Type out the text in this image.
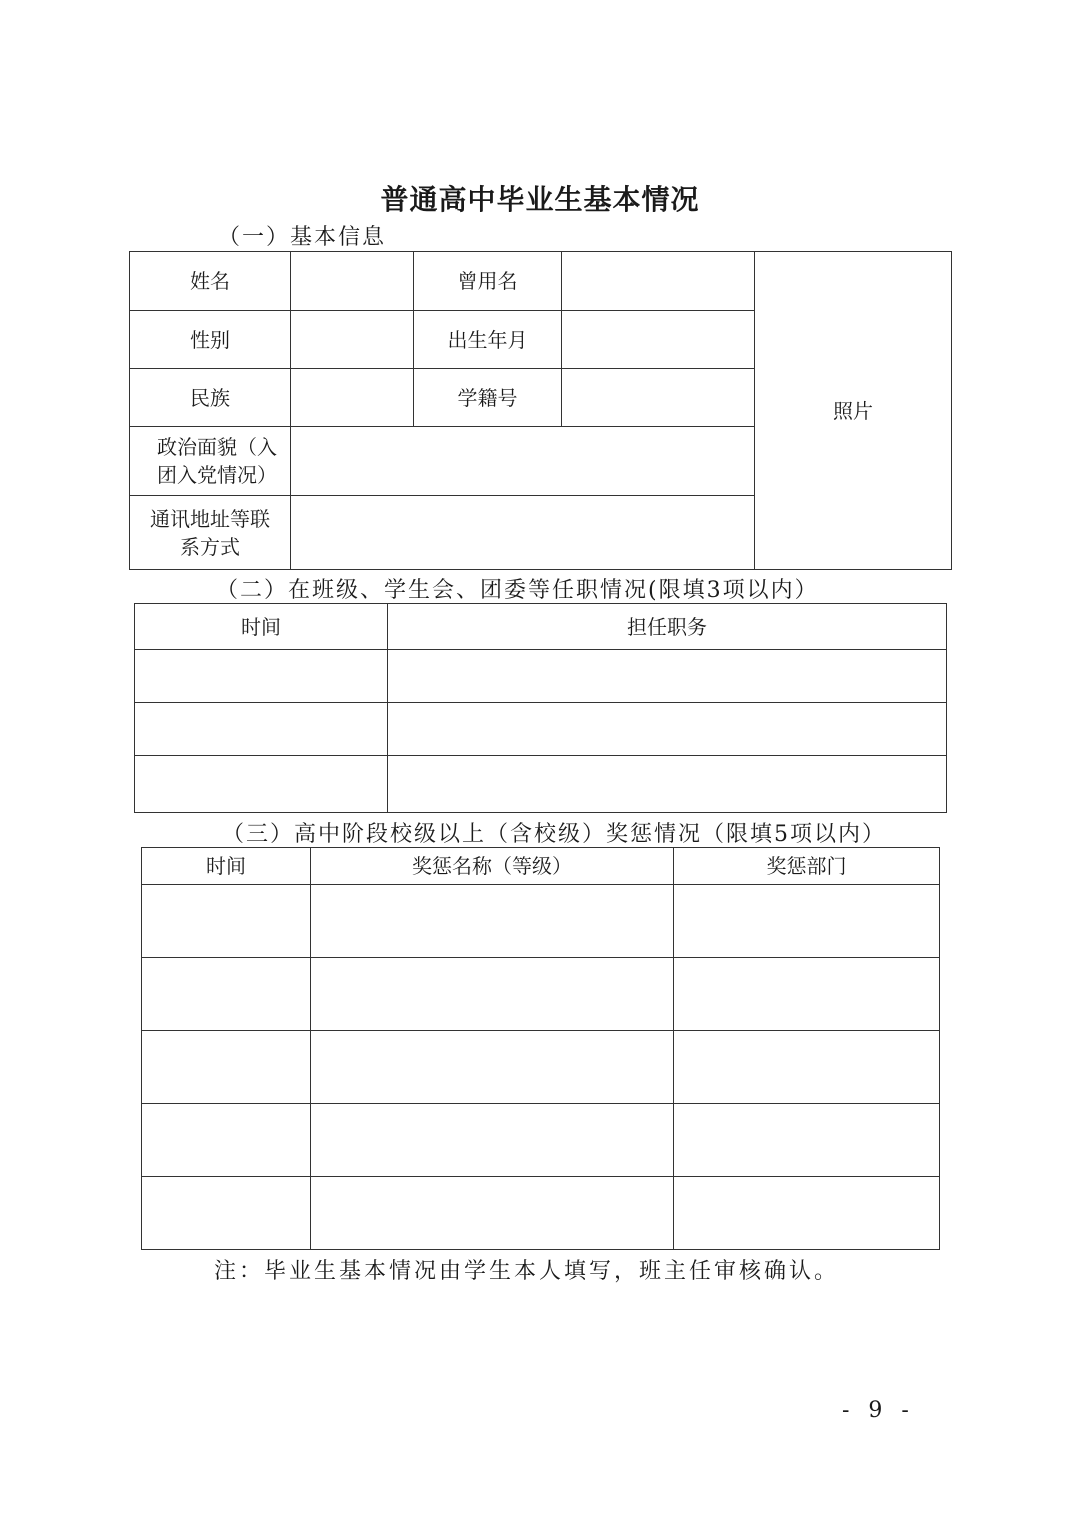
普通高中毕业生基本情况
（一）基本信息
姓名		曾用名		照片
性别		出生年月		
民族		学籍号		

政治面貌（入
团入党情况）				

通讯地址等联
系方式				

（二）在班级、学生会、团委等任职情况(限填3项以内）
时间	担任职务

（三）高中阶段校级以上（含校级）奖惩情况（限填5项以内）
时间	奖惩名称（等级）	奖惩部门

注：毕业生基本情况由学生本人填写，班主任审核确认。
- 9 -
